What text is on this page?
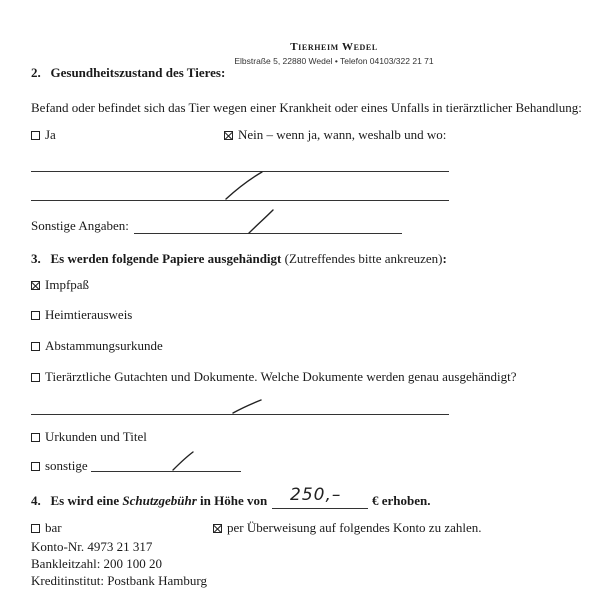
Tierheim Wedel
Elbstraße 5, 22880 Wedel • Telefon 04103/322 21 71
2. Gesundheitszustand des Tieres:
Befand oder befindet sich das Tier wegen einer Krankheit oder eines Unfalls in tierärztlicher Behandlung:
Ja	Nein – wenn ja, wann, weshalb und wo:
Sonstige Angaben:
3. Es werden folgende Papiere ausgehändigt (Zutreffendes bitte ankreuzen):
Impfpaß
Heimtierausweis
Abstammungsurkunde
Tierärztliche Gutachten und Dokumente. Welche Dokumente werden genau ausgehändigt?
Urkunden und Titel
sonstige
4. Es wird eine Schutzgebühr in Höhe von 250,– € erhoben.
bar	per Überweisung auf folgendes Konto zu zahlen.
Konto-Nr. 4973 21 317
Bankleitzahl: 200 100 20
Kreditinstitut: Postbank Hamburg
